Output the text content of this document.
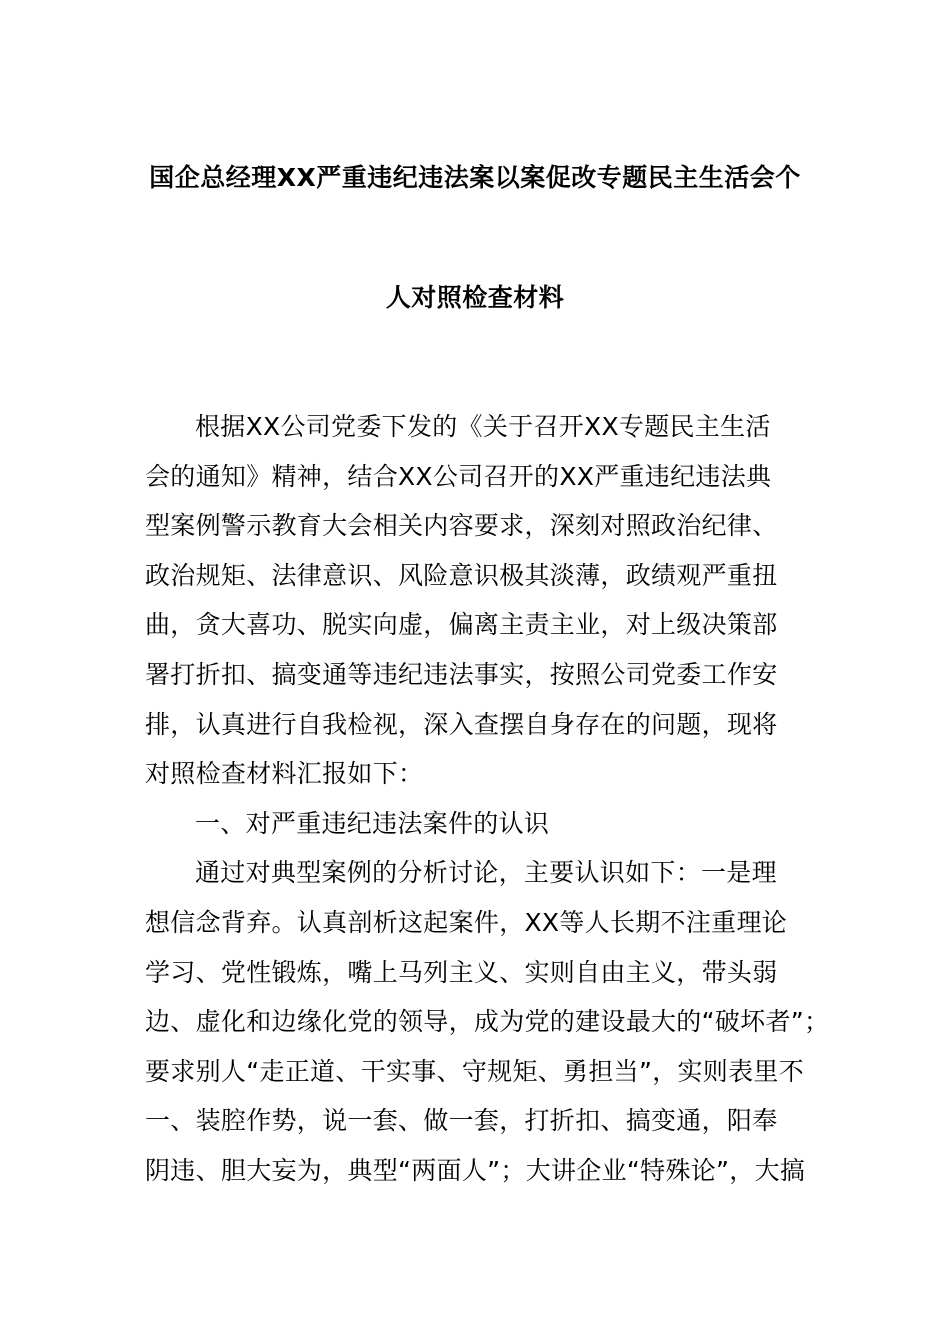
国企总经理XX严重违纪违法案以案促改专题民主生活会个
人对照检查材料

根据XX公司党委下发的《关于召开XX专题民主生活
会的通知》精神，结合XX公司召开的XX严重违纪违法典
型案例警示教育大会相关内容要求，深刻对照政治纪律、
政治规矩、法律意识、风险意识极其淡薄，政绩观严重扭
曲，贪大喜功、脱实向虚，偏离主责主业，对上级决策部
署打折扣、搞变通等违纪违法事实，按照公司党委工作安
排，认真进行自我检视，深入查摆自身存在的问题，现将
对照检查材料汇报如下：

一、对严重违纪违法案件的认识

通过对典型案例的分析讨论，主要认识如下：一是理
想信念背弃。认真剖析这起案件，XX等人长期不注重理论
学习、党性锻炼，嘴上马列主义、实则自由主义，带头弱
边、虚化和边缘化党的领导，成为党的建设最大的“破坏者”；
要求别人“走正道、干实事、守规矩、勇担当”，实则表里不
一、装腔作势，说一套、做一套，打折扣、搞变通，阳奉
阴违、胆大妄为，典型“两面人”；大讲企业“特殊论”，大搞
